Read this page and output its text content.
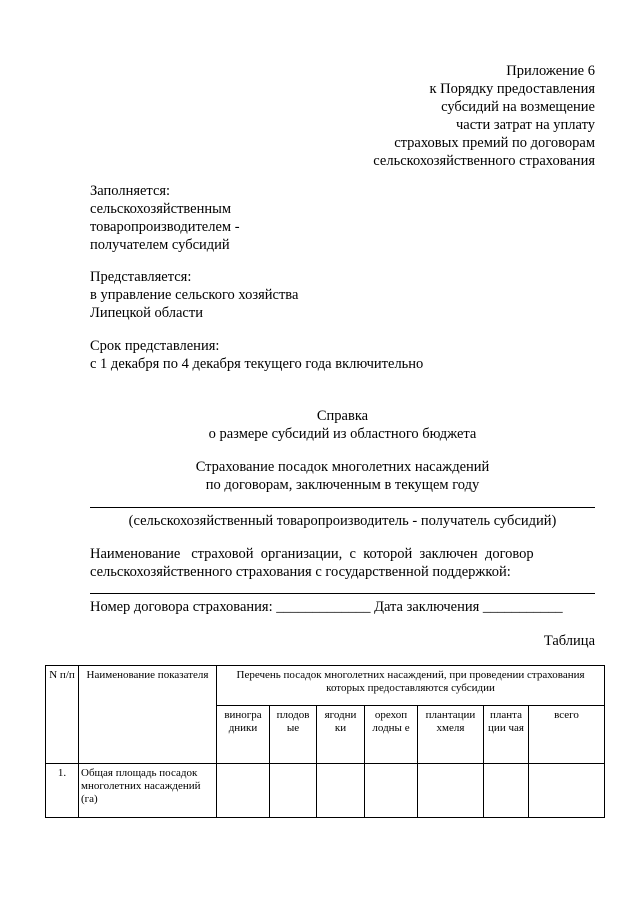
Приложение 6
к Порядку предоставления
субсидий на возмещение
части затрат на уплату
страховых премий по договорам
сельскохозяйственного страхования
Заполняется:
сельскохозяйственным
товаропроизводителем -
получателем субсидий
Представляется:
в управление сельского хозяйства
Липецкой области
Срок представления:
с 1 декабря по 4 декабря текущего года включительно
Справка
о размере субсидий из областного бюджета
Страхование посадок многолетних насаждений
по договорам, заключенным в текущем году
(сельскохозяйственный товаропроизводитель - получатель субсидий)
Наименование   страховой  организации,  с  которой  заключен  договор
сельскохозяйственного страхования с государственной поддержкой:
Номер договора страхования: _____________ Дата заключения ___________
Таблица
N п/п	Наименование показателя	Перечень посадок многолетних насаждений, при проведении страхования которых предоставляются субсидии						
		виногра дники	плодов ые	ягодни ки	орехоп лодны е	плантации хмеля	планта ции чая	всего
1.	Общая площадь посадок многолетних насаждений (га)							
